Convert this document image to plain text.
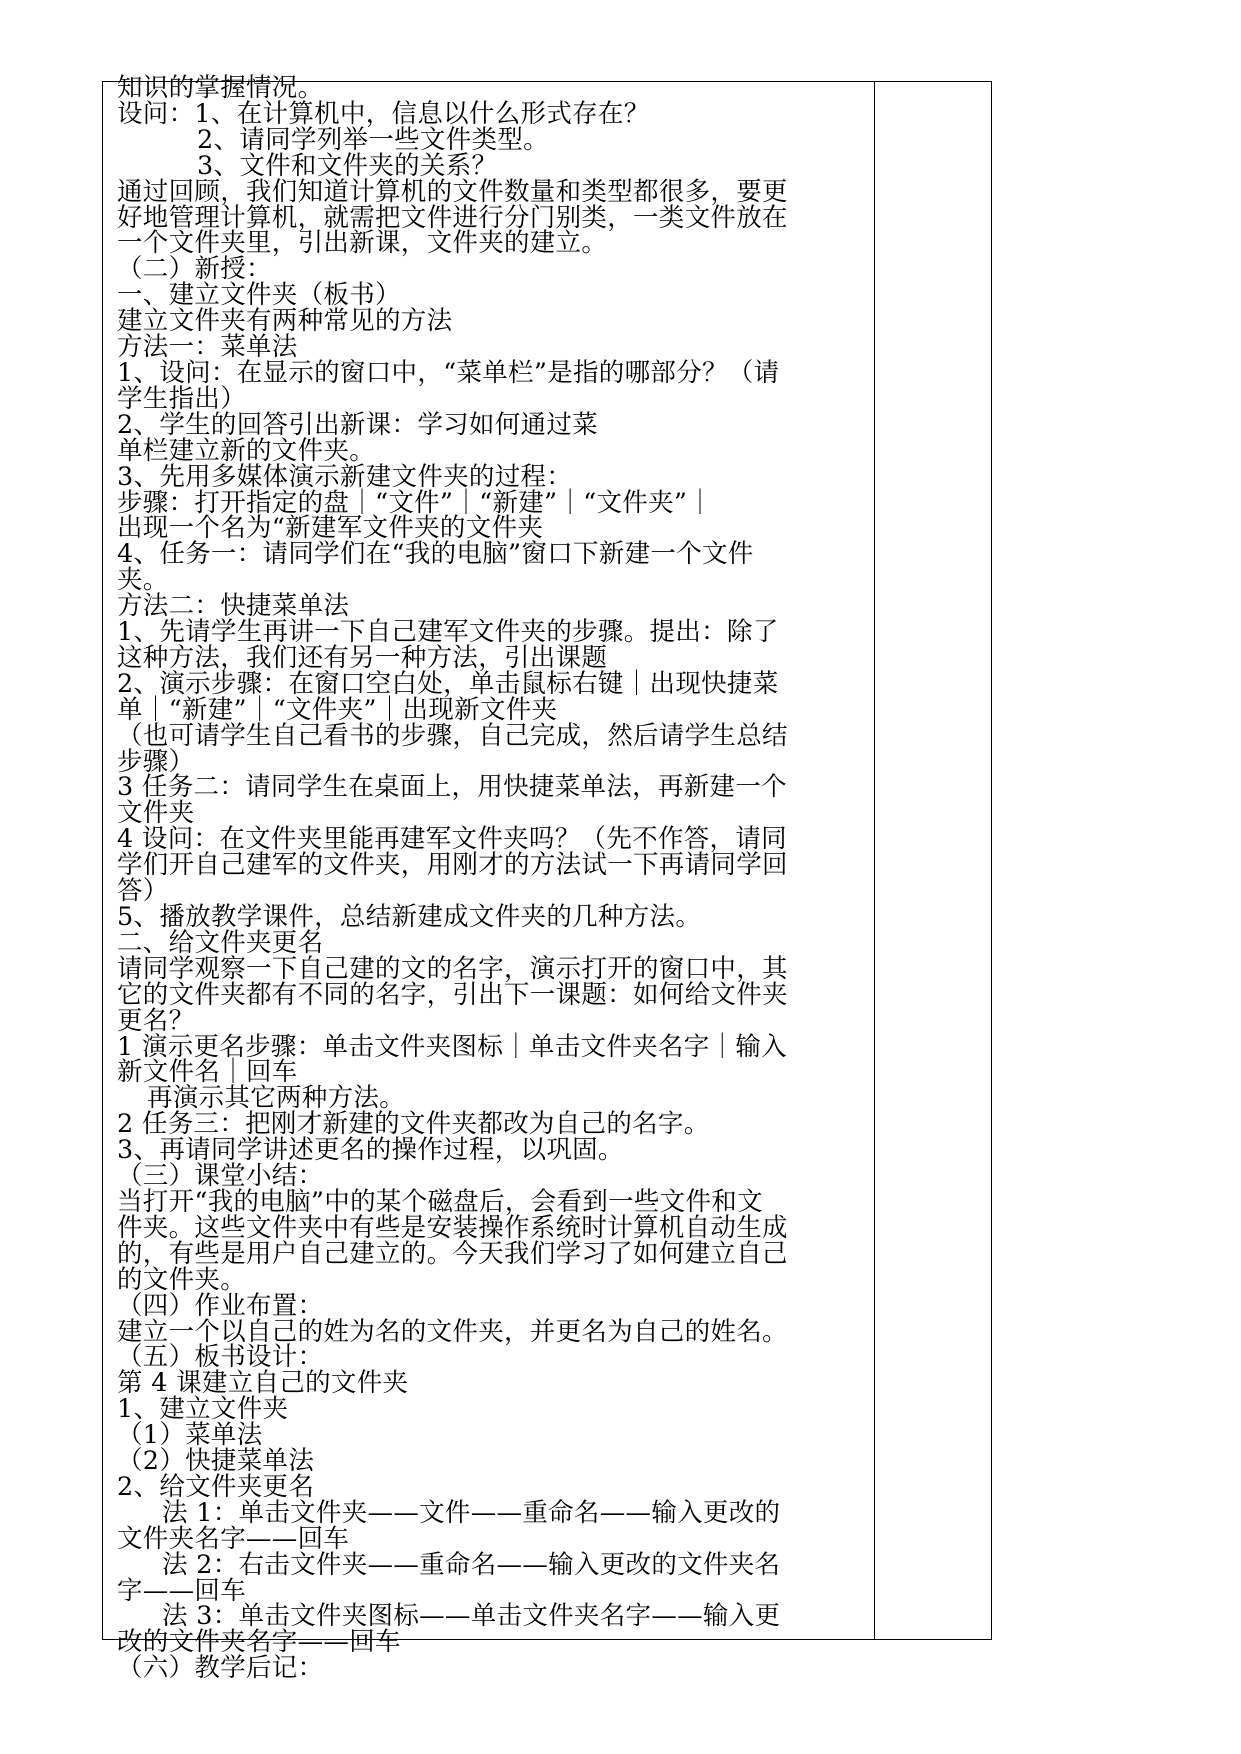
知识的掌握情况。
设问：1、在计算机中，信息以什么形式存在？
2、请同学列举一些文件类型。
3、文件和文件夹的关系？
通过回顾，我们知道计算机的文件数量和类型都很多，要更
好地管理计算机，就需把文件进行分门别类，一类文件放在
一个文件夹里，引出新课，文件夹的建立。
（二）新授：
一、建立文件夹（板书）
建立文件夹有两种常见的方法
方法一：菜单法
1、设问：在显示的窗口中，“菜单栏”是指的哪部分？（请
学生指出）
2、学生的回答引出新课：学习如何通过菜
单栏建立新的文件夹。
3、先用多媒体演示新建文件夹的过程：
步骤：打开指定的盘｜“文件”｜“新建”｜“文件夹”｜
出现一个名为“新建军文件夹的文件夹
4、任务一：请同学们在“我的电脑”窗口下新建一个文件
夹。
方法二：快捷菜单法
1、先请学生再讲一下自己建军文件夹的步骤。提出：除了
这种方法，我们还有另一种方法，引出课题
2、演示步骤：在窗口空白处，单击鼠标右键｜出现快捷菜
单｜“新建”｜“文件夹”｜出现新文件夹
（也可请学生自己看书的步骤，自己完成，然后请学生总结
步骤）
3 任务二：请同学生在桌面上，用快捷菜单法，再新建一个
文件夹
4 设问：在文件夹里能再建军文件夹吗？（先不作答，请同
学们开自己建军的文件夹，用刚才的方法试一下再请同学回
答）
5、播放教学课件，总结新建成文件夹的几种方法。
二、给文件夹更名
请同学观察一下自己建的文的名字，演示打开的窗口中，其
它的文件夹都有不同的名字，引出下一课题：如何给文件夹
更名？
1 演示更名步骤：单击文件夹图标｜单击文件夹名字｜输入
新文件名｜回车
再演示其它两种方法。
2 任务三：把刚才新建的文件夹都改为自己的名字。
3、再请同学讲述更名的操作过程，以巩固。
（三）课堂小结：
当打开“我的电脑”中的某个磁盘后，会看到一些文件和文
件夹。这些文件夹中有些是安装操作系统时计算机自动生成
的，有些是用户自己建立的。今天我们学习了如何建立自己
的文件夹。
（四）作业布置：
建立一个以自己的姓为名的文件夹，并更名为自己的姓名。
（五）板书设计：
第 4 课建立自己的文件夹
1、建立文件夹
（1）菜单法
（2）快捷菜单法
2、给文件夹更名
法 1：单击文件夹——文件——重命名——输入更改的
文件夹名字——回车
法 2：右击文件夹——重命名——输入更改的文件夹名
字——回车
法 3：单击文件夹图标——单击文件夹名字——输入更
改的文件夹名字——回车
（六）教学后记：
